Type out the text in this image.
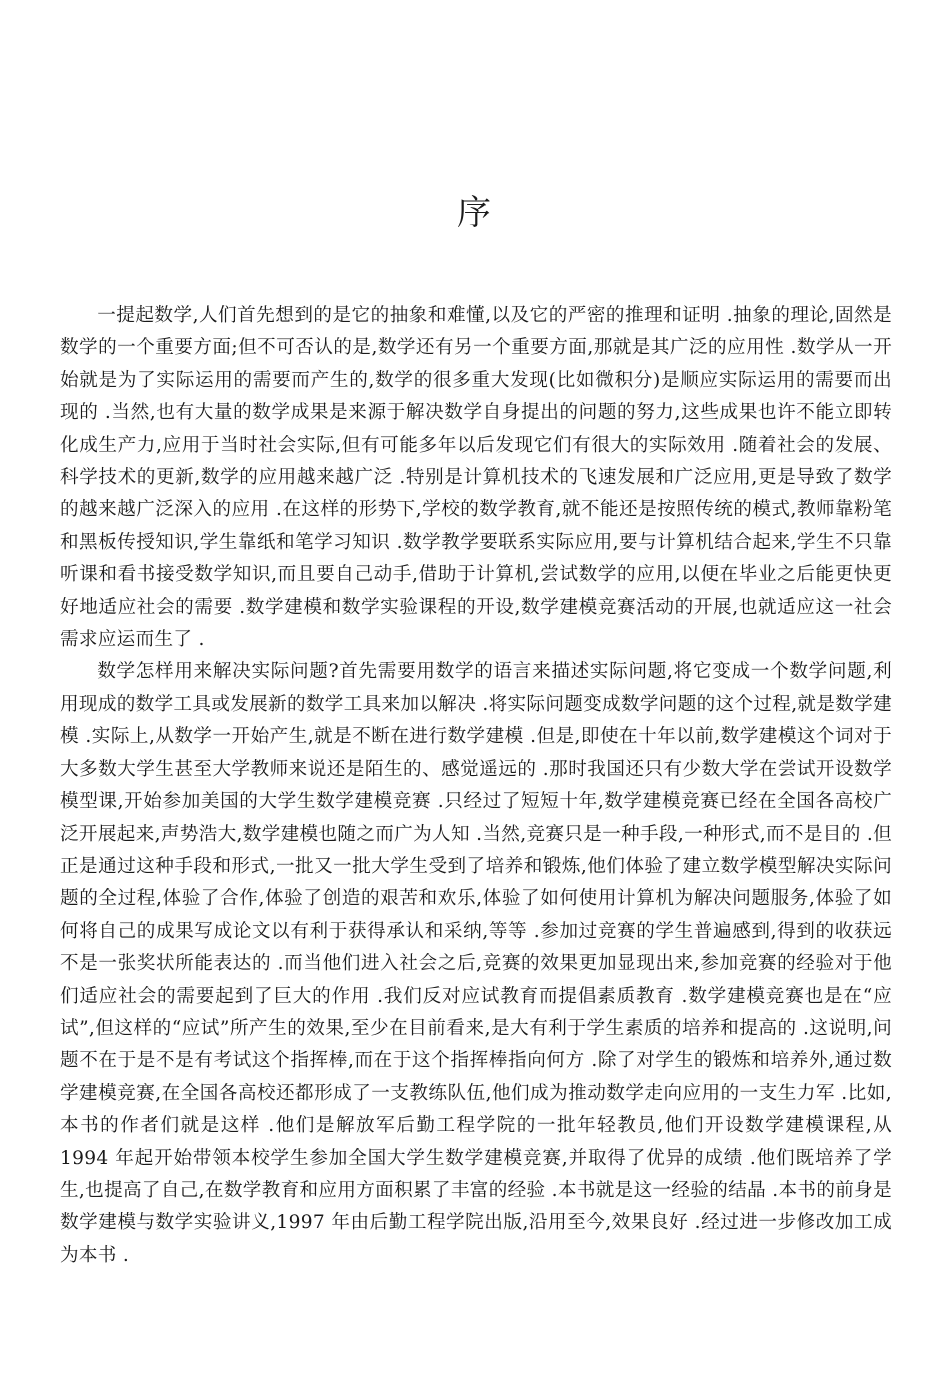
序

一提起数学,人们首先想到的是它的抽象和难懂,以及它的严密的推理和证明 .抽象的理论,固然是数学的一个重要方面;但不可否认的是,数学还有另一个重要方面,那就是其广泛的应用性 .数学从一开始就是为了实际运用的需要而产生的,数学的很多重大发现(比如微积分)是顺应实际运用的需要而出现的 .当然,也有大量的数学成果是来源于解决数学自身提出的问题的努力,这些成果也许不能立即转化成生产力,应用于当时社会实际,但有可能多年以后发现它们有很大的实际效用 .随着社会的发展、科学技术的更新,数学的应用越来越广泛 .特别是计算机技术的飞速发展和广泛应用,更是导致了数学的越来越广泛深入的应用 .在这样的形势下,学校的数学教育,就不能还是按照传统的模式,教师靠粉笔和黑板传授知识,学生靠纸和笔学习知识 .数学教学要联系实际应用,要与计算机结合起来,学生不只靠听课和看书接受数学知识,而且要自己动手,借助于计算机,尝试数学的应用,以便在毕业之后能更快更好地适应社会的需要 .数学建模和数学实验课程的开设,数学建模竞赛活动的开展,也就适应这一社会需求应运而生了 .

数学怎样用来解决实际问题?首先需要用数学的语言来描述实际问题,将它变成一个数学问题,利用现成的数学工具或发展新的数学工具来加以解决 .将实际问题变成数学问题的这个过程,就是数学建模 .实际上,从数学一开始产生,就是不断在进行数学建模 .但是,即使在十年以前,数学建模这个词对于大多数大学生甚至大学教师来说还是陌生的、感觉遥远的 .那时我国还只有少数大学在尝试开设数学模型课,开始参加美国的大学生数学建模竞赛 .只经过了短短十年,数学建模竞赛已经在全国各高校广泛开展起来,声势浩大,数学建模也随之而广为人知 .当然,竞赛只是一种手段,一种形式,而不是目的 .但正是通过这种手段和形式,一批又一批大学生受到了培养和锻炼,他们体验了建立数学模型解决实际问题的全过程,体验了合作,体验了创造的艰苦和欢乐,体验了如何使用计算机为解决问题服务,体验了如何将自己的成果写成论文以有利于获得承认和采纳,等等 .参加过竞赛的学生普遍感到,得到的收获远不是一张奖状所能表达的 .而当他们进入社会之后,竞赛的效果更加显现出来,参加竞赛的经验对于他们适应社会的需要起到了巨大的作用 .我们反对应试教育而提倡素质教育 .数学建模竞赛也是在“应试”,但这样的“应试”所产生的效果,至少在目前看来,是大有利于学生素质的培养和提高的 .这说明,问题不在于是不是有考试这个指挥棒,而在于这个指挥棒指向何方 .除了对学生的锻炼和培养外,通过数学建模竞赛,在全国各高校还都形成了一支教练队伍,他们成为推动数学走向应用的一支生力军 .比如,本书的作者们就是这样 .他们是解放军后勤工程学院的一批年轻教员,他们开设数学建模课程,从 1994 年起开始带领本校学生参加全国大学生数学建模竞赛,并取得了优异的成绩 .他们既培养了学生,也提高了自己,在数学教育和应用方面积累了丰富的经验 .本书就是这一经验的结晶 .本书的前身是数学建模与数学实验讲义,1997 年由后勤工程学院出版,沿用至今,效果良好 .经过进一步修改加工成为本书 .
